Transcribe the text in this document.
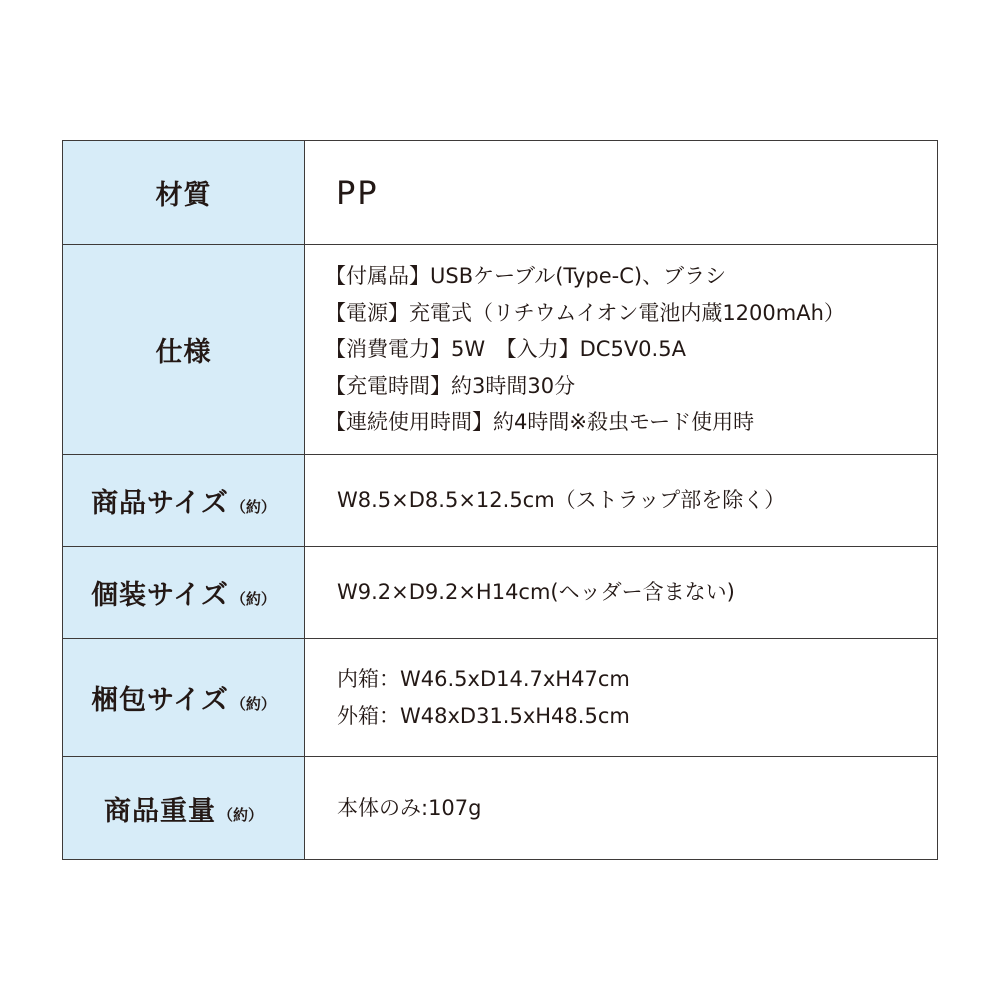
材質	PP
仕様	【付属品】USBケーブル(Type-C)、ブラシ
【電源】充電式（リチウムイオン電池内蔵1200mAh）
【消費電力】5W　【入力】DC5V0.5A
【充電時間】約3時間30分
【連続使用時間】約4時間※殺虫モード使用時

商品サイズ （約）	W8.5×D8.5×12.5cm（ストラップ部を除く）

個装サイズ （約）	W9.2×D9.2×H14cm(ヘッダー含まない)

梱包サイズ （約）	内箱：W46.5xD14.7xH47cm
外箱：W48xD31.5xH48.5cm

商品重量 （約）	本体のみ:107g
